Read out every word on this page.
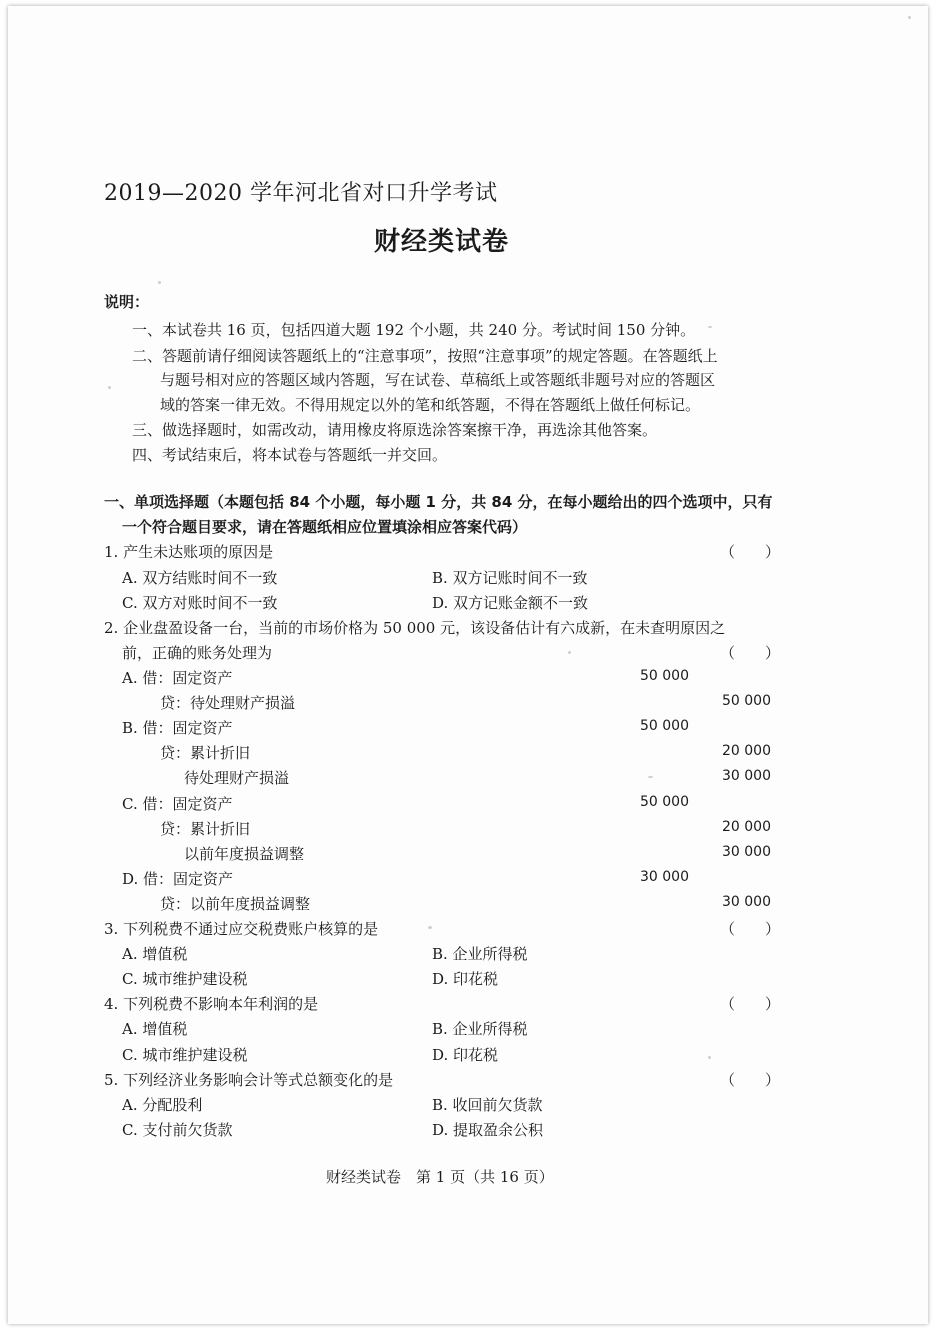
2019—2020 学年河北省对口升学考试
财经类试卷
说明：
一、本试卷共 16 页，包括四道大题 192 个小题，共 240 分。考试时间 150 分钟。
二、答题前请仔细阅读答题纸上的“注意事项”，按照“注意事项”的规定答题。在答题纸上
与题号相对应的答题区域内答题，写在试卷、草稿纸上或答题纸非题号对应的答题区
域的答案一律无效。不得用规定以外的笔和纸答题，不得在答题纸上做任何标记。
三、做选择题时，如需改动，请用橡皮将原选涂答案擦干净，再选涂其他答案。
四、考试结束后，将本试卷与答题纸一并交回。
一、单项选择题（本题包括 84 个小题，每小题 1 分，共 84 分，在每小题给出的四个选项中，只有
一个符合题目要求，请在答题纸相应位置填涂相应答案代码）
1. 产生未达账项的原因是	（　　）
A. 双方结账时间不一致	B. 双方记账时间不一致
C. 双方对账时间不一致	D. 双方记账金额不一致
2. 企业盘盈设备一台，当前的市场价格为 50 000 元，该设备估计有六成新，在未查明原因之
前，正确的账务处理为	（　　）
A. 借：固定资产	50 000
贷：待处理财产损溢	50 000
B. 借：固定资产	50 000
贷：累计折旧	20 000
待处理财产损溢	30 000
C. 借：固定资产	50 000
贷：累计折旧	20 000
以前年度损益调整	30 000
D. 借：固定资产	30 000
贷：以前年度损益调整	30 000
3. 下列税费不通过应交税费账户核算的是	（　　）
A. 增值税	B. 企业所得税
C. 城市维护建设税	D. 印花税
4. 下列税费不影响本年利润的是	（　　）
A. 增值税	B. 企业所得税
C. 城市维护建设税	D. 印花税
5. 下列经济业务影响会计等式总额变化的是	（　　）
A. 分配股利	B. 收回前欠货款
C. 支付前欠货款	D. 提取盈余公积
财经类试卷　第 1 页（共 16 页）
